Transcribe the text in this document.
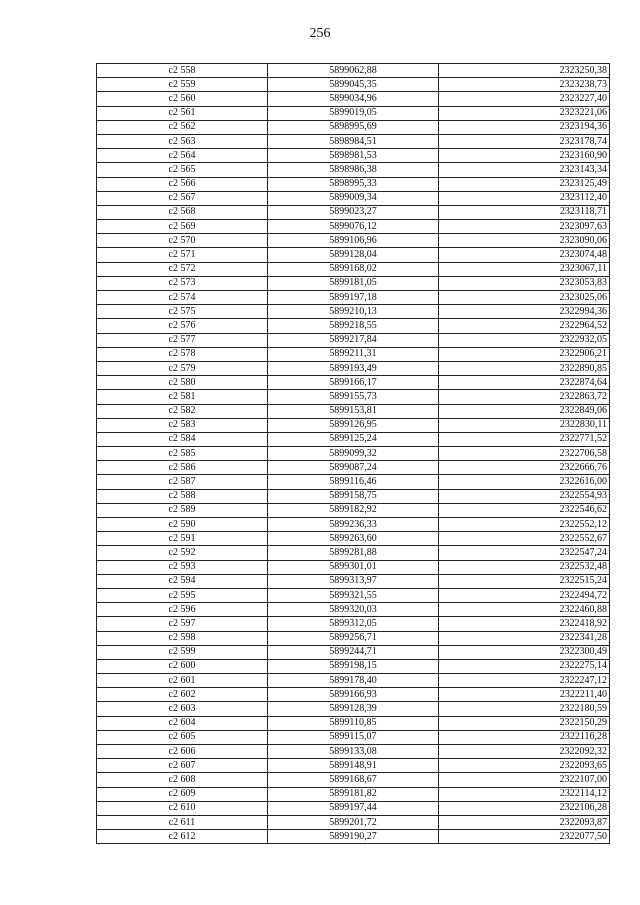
256
c2 558	5899062,88	2323250,38
c2 559	5899045,35	2323238,73
c2 560	5899034,96	2323227,40
c2 561	5899019,05	2323221,06
c2 562	5898995,69	2323194,36
c2 563	5898984,51	2323178,74
c2 564	5898981,53	2323160,90
c2 565	5898986,38	2323143,34
c2 566	5898995,33	2323125,49
c2 567	5899009,34	2323112,40
c2 568	5899023,27	2323118,71
c2 569	5899076,12	2323097,63
c2 570	5899106,96	2323090,06
c2 571	5899128,04	2323074,48
c2 572	5899168,02	2323067,11
c2 573	5899181,05	2323053,83
c2 574	5899197,18	2323025,06
c2 575	5899210,13	2322994,36
c2 576	5899218,55	2322964,52
c2 577	5899217,84	2322932,05
c2 578	5899211,31	2322906,21
c2 579	5899193,49	2322890,85
c2 580	5899166,17	2322874,64
c2 581	5899155,73	2322863,72
c2 582	5899153,81	2322849,06
c2 583	5899126,95	2322830,11
c2 584	5899125,24	2322771,52
c2 585	5899099,32	2322706,58
c2 586	5899087,24	2322666,76
c2 587	5899116,46	2322616,00
c2 588	5899158,75	2322554,93
c2 589	5899182,92	2322546,62
c2 590	5899236,33	2322552,12
c2 591	5899263,60	2322552,67
c2 592	5899281,88	2322547,24
c2 593	5899301,01	2322532,48
c2 594	5899313,97	2322515,24
c2 595	5899321,55	2322494,72
c2 596	5899320,03	2322460,88
c2 597	5899312,05	2322418,92
c2 598	5899256,71	2322341,28
c2 599	5899244,71	2322300,49
c2 600	5899198,15	2322275,14
c2 601	5899178,40	2322247,12
c2 602	5899166,93	2322211,40
c2 603	5899128,39	2322180,59
c2 604	5899110,85	2322150,29
c2 605	5899115,07	2322116,28
c2 606	5899133,08	2322092,32
c2 607	5899148,91	2322093,65
c2 608	5899168,67	2322107,00
c2 609	5899181,82	2322114,12
c2 610	5899197,44	2322106,28
c2 611	5899201,72	2322093,87
c2 612	5899190,27	2322077,50
